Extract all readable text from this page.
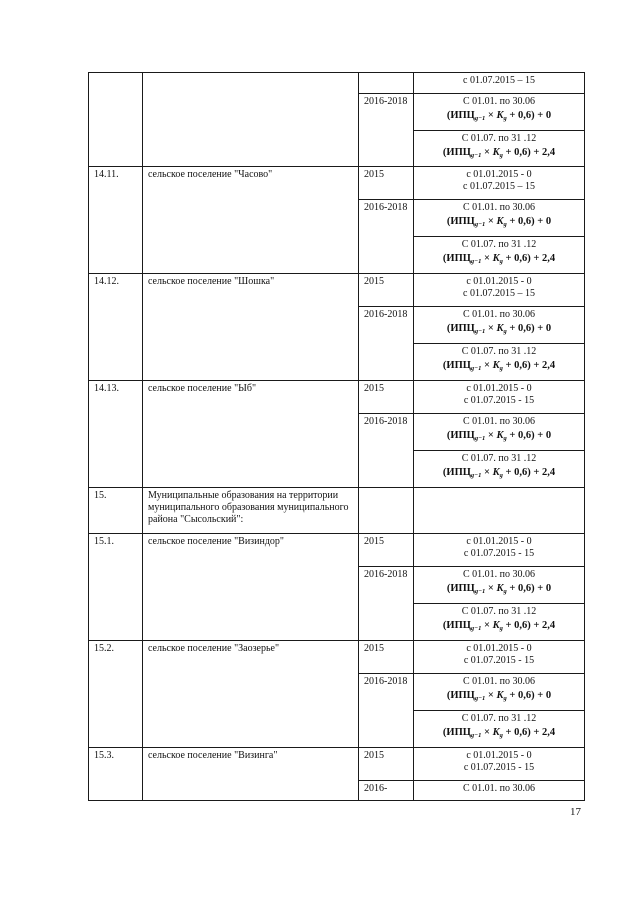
			с 01.07.2015 – 15
		2016-2018	С 01.01. по 30.06
$(ИПЦ_{g-1} \times K_g + 0,6) + 0$

			С 01.07. по 31 .12
$(ИПЦ_{g-1} \times K_g + 0,6) + 2,4$

14.11.	сельское поселение "Часово"	2015	с 01.01.2015 - 0
с 01.07.2015 – 15
		2016-2018	С 01.01. по 30.06
$(ИПЦ_{g-1} \times K_g + 0,6) + 0$

			С 01.07. по 31 .12
$(ИПЦ_{g-1} \times K_g + 0,6) + 2,4$

14.12.	сельское поселение "Шошка"	2015	с 01.01.2015 - 0
с 01.07.2015 – 15
		2016-2018	С 01.01. по 30.06
$(ИПЦ_{g-1} \times K_g + 0,6) + 0$

			С 01.07. по 31 .12
$(ИПЦ_{g-1} \times K_g + 0,6) + 2,4$

14.13.	сельское поселение "Ыб"	2015	с 01.01.2015 - 0
с 01.07.2015 - 15
		2016-2018	С 01.01. по 30.06
$(ИПЦ_{g-1} \times K_g + 0,6) + 0$

			С 01.07. по 31 .12
$(ИПЦ_{g-1} \times K_g + 0,6) + 2,4$

15.	Муниципальные образования на территории муниципального образования муниципального района "Сысольский":		
15.1.	сельское поселение "Визиндор"	2015	с 01.01.2015 - 0
с 01.07.2015 - 15
		2016-2018	С 01.01. по 30.06
$(ИПЦ_{g-1} \times K_g + 0,6) + 0$

			С 01.07. по 31 .12
$(ИПЦ_{g-1} \times K_g + 0,6) + 2,4$

15.2.	сельское поселение "Заозерье"	2015	с 01.01.2015 - 0
с 01.07.2015 - 15
		2016-2018	С 01.01. по 30.06
$(ИПЦ_{g-1} \times K_g + 0,6) + 0$

			С 01.07. по 31 .12
$(ИПЦ_{g-1} \times K_g + 0,6) + 2,4$

15.3.	сельское поселение "Визинга"	2015	с 01.01.2015 - 0
с 01.07.2015 - 15
		2016-	С 01.01. по 30.06
17
